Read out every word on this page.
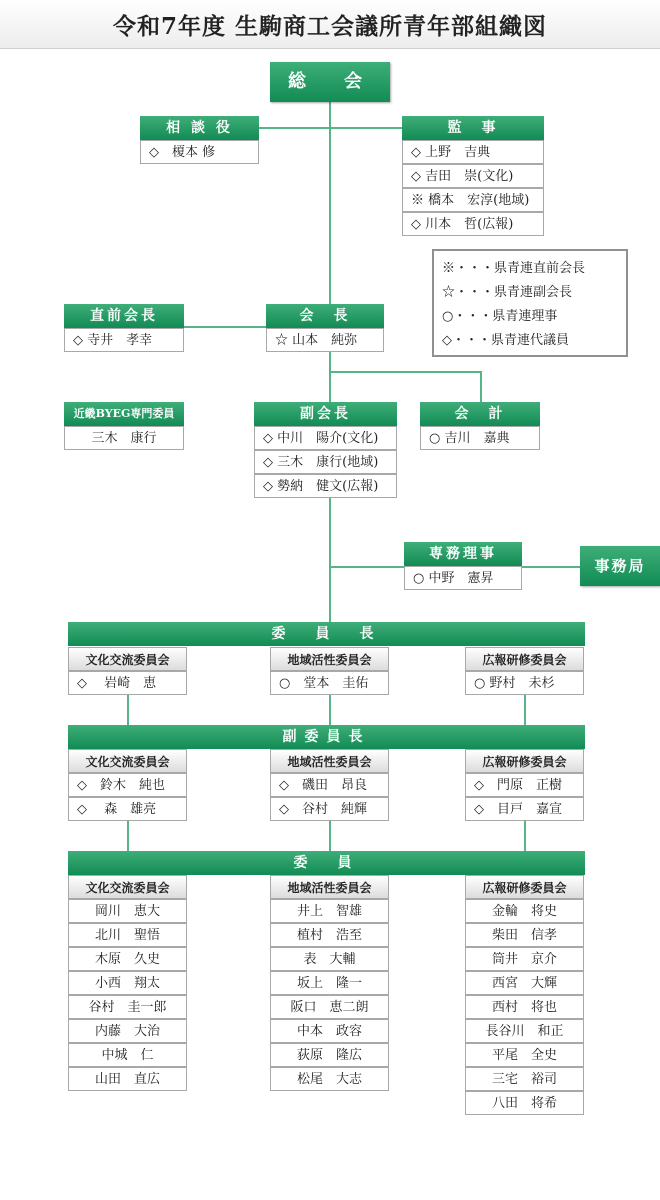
令和7年度 生駒商工会議所青年部組織図
総　会
相 談 役
◇　榎本 修
監　事
◇ 上野　吉典
◇ 吉田　崇(文化)
※ 橋本　宏淳(地域)
◇ 川本　哲(広報)
※・・・県青連直前会長
☆・・・県青連副会長
○・・・県青連理事
◇・・・県青連代議員
直前会長
◇ 寺井　孝幸
会　長
☆ 山本　純弥
近畿BYEG専門委員
三木　康行
副会長
◇ 中川　陽介(文化)
◇ 三木　康行(地域)
◇ 勢納　健文(広報)
会　計
○ 吉川　嘉典
専務理事
○ 中野　憲昇
事務局
委　員　長
文化交流委員会
◇　 岩崎　恵
地域活性委員会
○　堂本　圭佑
広報研修委員会
○ 野村　未杉
副委員長
文化交流委員会
◇　鈴木　純也
◇　 森　雄亮
地域活性委員会
◇　磯田　昂良
◇　谷村　純輝
広報研修委員会
◇　門原　正樹
◇　目戸　嘉宣
委　員
文化交流委員会	地域活性委員会	広報研修委員会
岡川　恵大
北川　聖悟
木原　久史
小西　翔太
谷村　圭一郎
内藤　大治
中城　仁
山田　直広
井上　智雄
植村　浩至
表　大輔
坂上　隆一
阪口　恵二朗
中本　政容
荻原　隆広
松尾　大志
金輪　将史
柴田　信孝
筒井　京介
西宮　大輝
西村　将也
長谷川　和正
平尾　全史
三宅　裕司
八田　将希
